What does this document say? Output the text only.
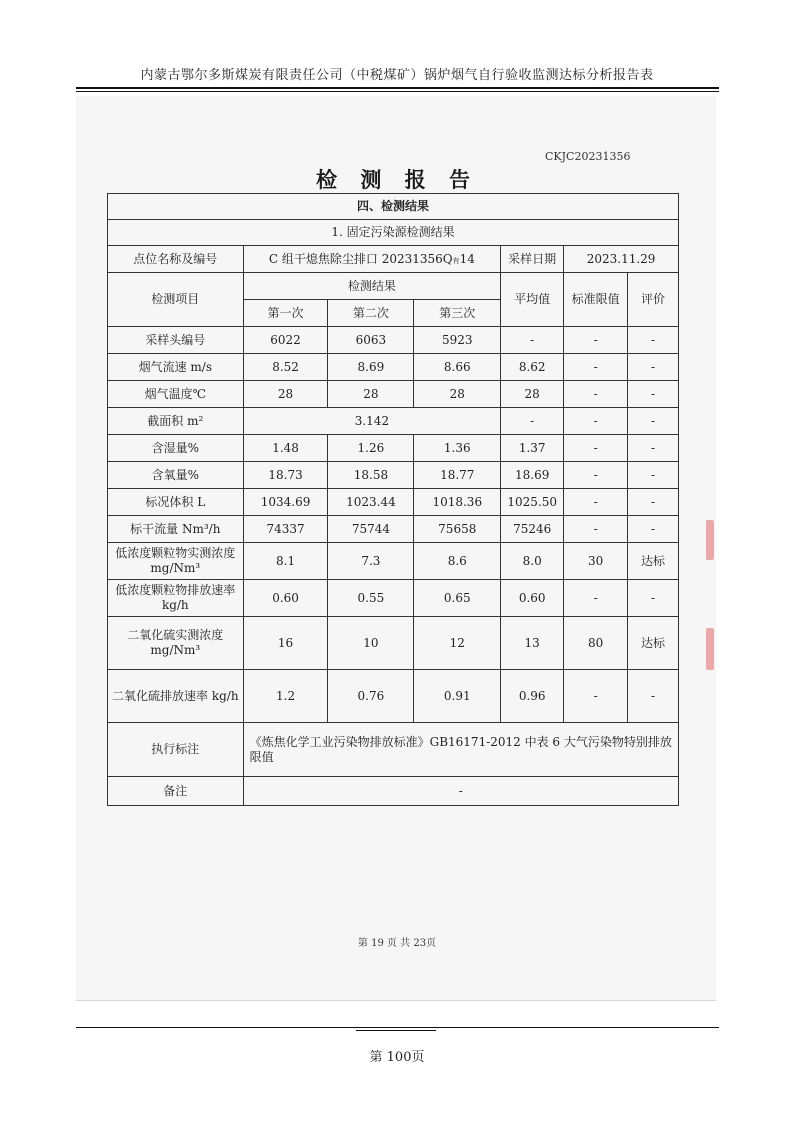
内蒙古鄂尔多斯煤炭有限责任公司（中税煤矿）锅炉烟气自行验收监测达标分析报告表
CKJC20231356
检 测 报 告
四、检测结果						
1. 固定污染源检测结果						
点位名称及编号	C 组干熄焦除尘排口 20231356Q有14			采样日期	2023.11.29	
检测项目	检测结果			平均值	标准限值	评价
	第一次	第二次	第三次			
采样头编号	6022	6063	5923	-	-	-
烟气流速 m/s	8.52	8.69	8.66	8.62	-	-
烟气温度℃	28	28	28	28	-	-
截面积 m²	3.142			-	-	-
含湿量%	1.48	1.26	1.36	1.37	-	-
含氧量%	18.73	18.58	18.77	18.69	-	-
标况体积 L	1034.69	1023.44	1018.36	1025.50	-	-
标干流量 Nm³/h	74337	75744	75658	75246	-	-
低浓度颗粒物实测浓度 mg/Nm³	8.1	7.3	8.6	8.0	30	达标
低浓度颗粒物排放速率 kg/h	0.60	0.55	0.65	0.60	-	-
二氧化硫实测浓度 mg/Nm³	16	10	12	13	80	达标
二氧化硫排放速率 kg/h	1.2	0.76	0.91	0.96	-	-
执行标注	《炼焦化学工业污染物排放标准》GB16171-2012 中表 6 大气污染物特别排放限值					
备注	-					
第 19 页 共 23页
第 100页
